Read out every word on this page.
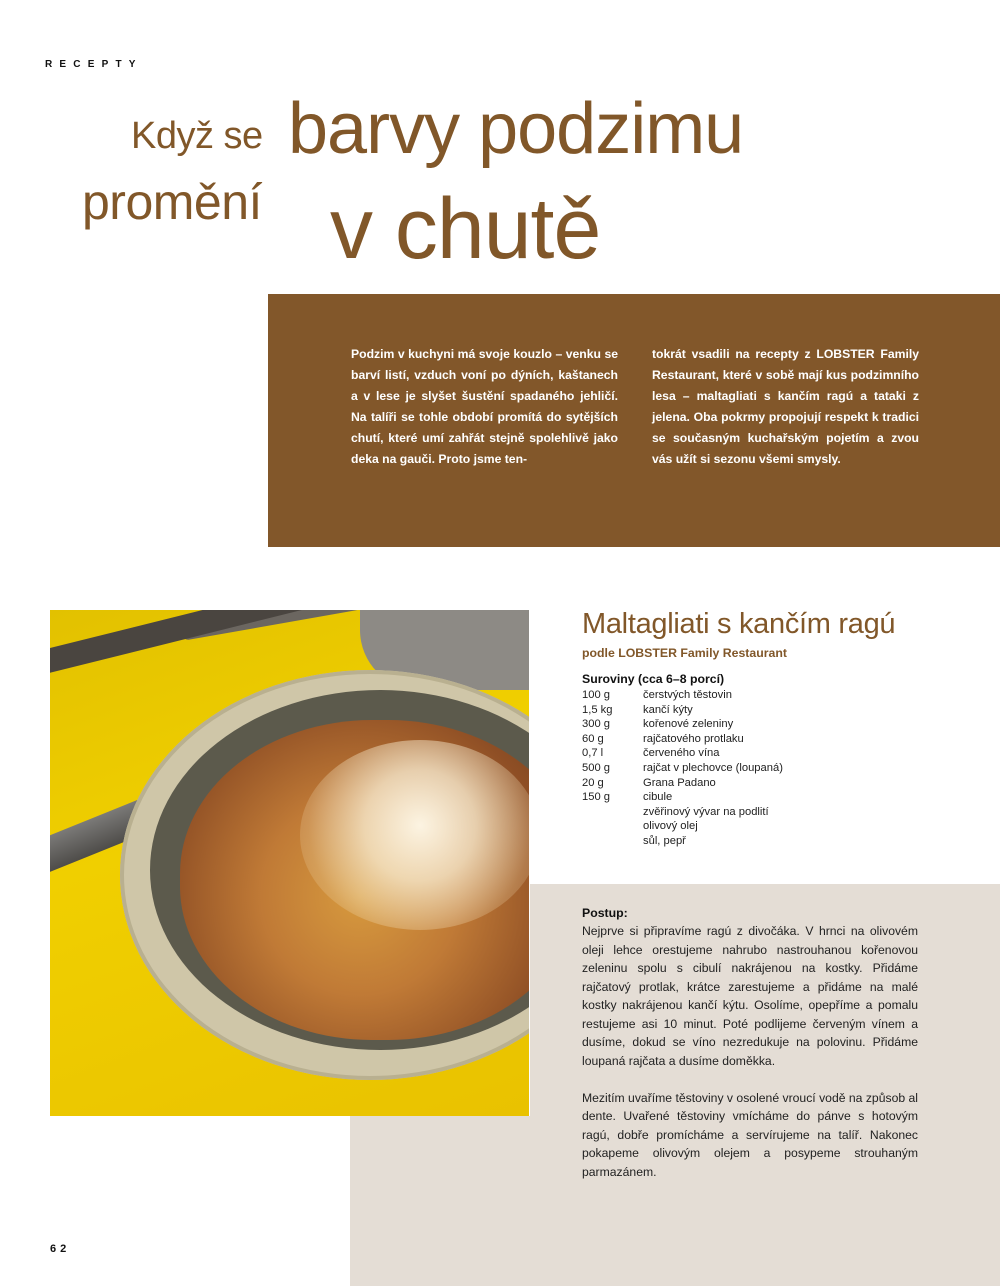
RECEPTY
Když se barvy podzimu
promění v chutě
Podzim v kuchyni má svoje kouzlo – venku se barví listí, vzduch voní po dýních, kaštanech a v lese je slyšet šustění spadaného jehličí. Na talíři se tohle období promítá do sytějších chutí, které umí zahřát stejně spolehlivě jako deka na gauči. Proto jsme ten-
tokrát vsadili na recepty z LOBSTER Family Restaurant, které v sobě mají kus podzimního lesa – maltagliati s kančím ragú a tataki z jelena. Oba pokrmy propojují respekt k tradici se současným kuchařským pojetím a zvou vás užít si sezonu všemi smysly.
Maltagliati s kančím ragú
podle LOBSTER Family Restaurant
Suroviny (cca 6–8 porcí)
100 g	čerstvých těstovin
1,5 kg	kančí kýty
300 g	kořenové zeleniny
60 g	rajčatového protlaku
0,7 l	červeného vína
500 g	rajčat v plechovce (loupaná)
20 g	Grana Padano
150 g	cibule
zvěřinový vývar na podlití
olivový olej
sůl, pepř
Postup:

Nejprve si připravíme ragú z divočáka. V hrnci na olivovém oleji lehce orestujeme nahrubo nastrouhanou kořenovou zeleninu spolu s cibulí nakrájenou na kostky. Přidáme rajčatový protlak, krátce zarestujeme a přidáme na malé kostky nakrájenou kančí kýtu. Osolíme, opepříme a pomalu restujeme asi 10 minut. Poté podlijeme červeným vínem a dusíme, dokud se víno nezredukuje na polovinu. Přidáme loupaná rajčata a dusíme doměkka.

Mezitím uvaříme těstoviny v osolené vroucí vodě na způsob al dente. Uvařené těstoviny vmícháme do pánve s hotovým ragú, dobře promícháme a servírujeme na talíř. Nakonec pokapeme olivovým olejem a posypeme strouhaným parmazánem.

62
